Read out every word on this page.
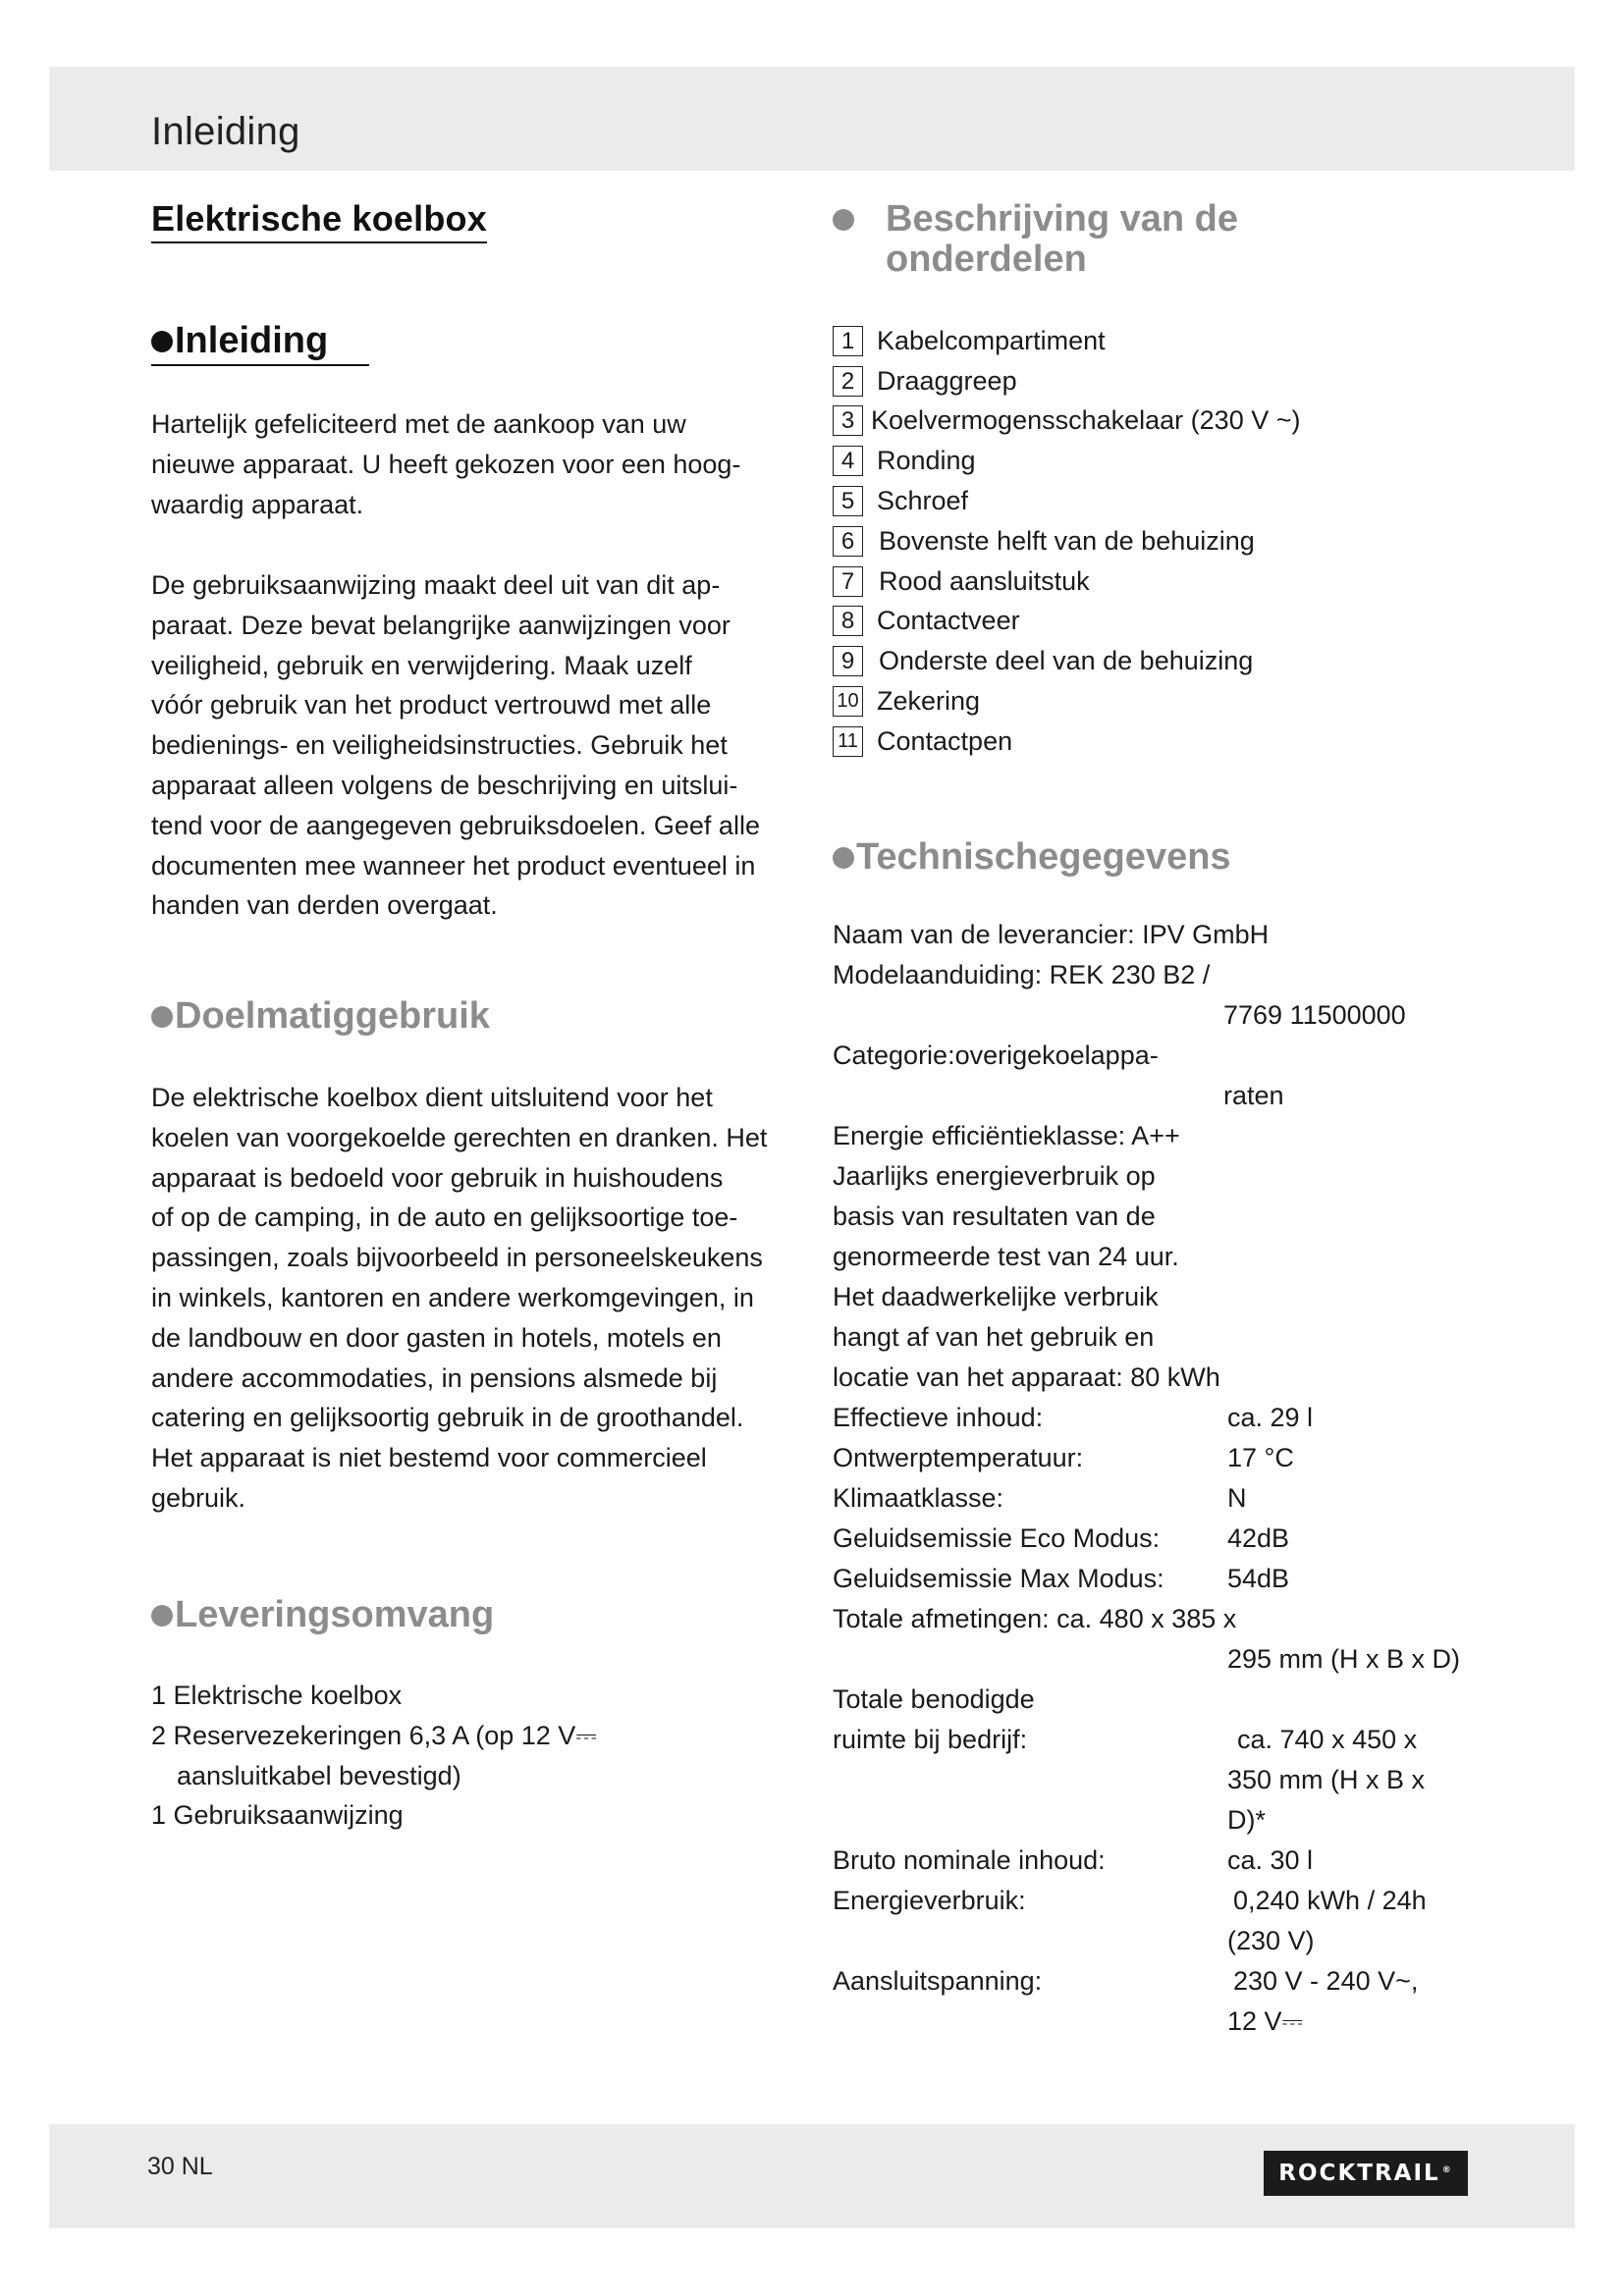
Inleiding
Elektrische koelbox
Inleiding

Hartelijk gefeliciteerd met de aankoop van uw
nieuwe apparaat. U heeft gekozen voor een hoog-
waardig apparaat.

De gebruiksaanwijzing maakt deel uit van dit ap-
paraat. Deze bevat belangrijke aanwijzingen voor
veiligheid, gebruik en verwijdering. Maak uzelf
vóór gebruik van het product vertrouwd met alle
bedienings- en veiligheidsinstructies. Gebruik het
apparaat alleen volgens de beschrijving en uitslui-
tend voor de aangegeven gebruiksdoelen. Geef alle
documenten mee wanneer het product eventueel in
handen van derden overgaat.

Doelmatiggebruik

De elektrische koelbox dient uitsluitend voor het
koelen van voorgekoelde gerechten en dranken. Het
apparaat is bedoeld voor gebruik in huishoudens
of op de camping, in de auto en gelijksoortige toe-
passingen, zoals bijvoorbeeld in personeelskeukens
in winkels, kantoren en andere werkomgevingen, in
de landbouw en door gasten in hotels, motels en
andere accommodaties, in pensions alsmede bij
catering en gelijksoortig gebruik in de groothandel.
Het apparaat is niet bestemd voor commercieel
gebruik.

Leveringsomvang
1 Elektrische koelbox
2 Reservezekeringen 6,3 A (op 12 V⎓
aansluitkabel bevestigd)
1 Gebruiksaanwijzing
Beschrijving van de
onderdelen
1 Kabelcompartiment
2 Draaggreep
3 Koelvermogensschakelaar (230 V ~)
4 Ronding
5 Schroef
6 Bovenste helft van de behuizing
7 Rood aansluitstuk
8 Contactveer
9 Onderste deel van de behuizing
10 Zekering
11 Contactpen
Technischegegevens
Naam van de leverancier: IPV GmbH
Modelaanduiding: REK 230 B2 /
7769 11500000
Categorie:overigekoelappa-
raten
Energie efficiëntieklasse: A++
Jaarlijks energieverbruik op
basis van resultaten van de
genormeerde test van 24 uur.
Het daadwerkelijke verbruik
hangt af van het gebruik en
locatie van het apparaat: 80 kWh
Effectieve inhoud:	ca. 29 l
Ontwerptemperatuur:	17 °C
Klimaatklasse:	N
Geluidsemissie Eco Modus:	42dB
Geluidsemissie Max Modus: 54dB
Totale afmetingen: ca. 480 x 385 x
295 mm (H x B x D)
Totale benodigde
ruimte bij bedrijf:	ca. 740 x 450 x
350 mm (H x B x
D)*
Bruto nominale inhoud:	ca. 30 l
Energieverbruik:	0,240 kWh / 24h
(230 V)
Aansluitspanning:	230 V - 240 V~,
12 V⎓
30 NL	ROCKTRAIL ®
